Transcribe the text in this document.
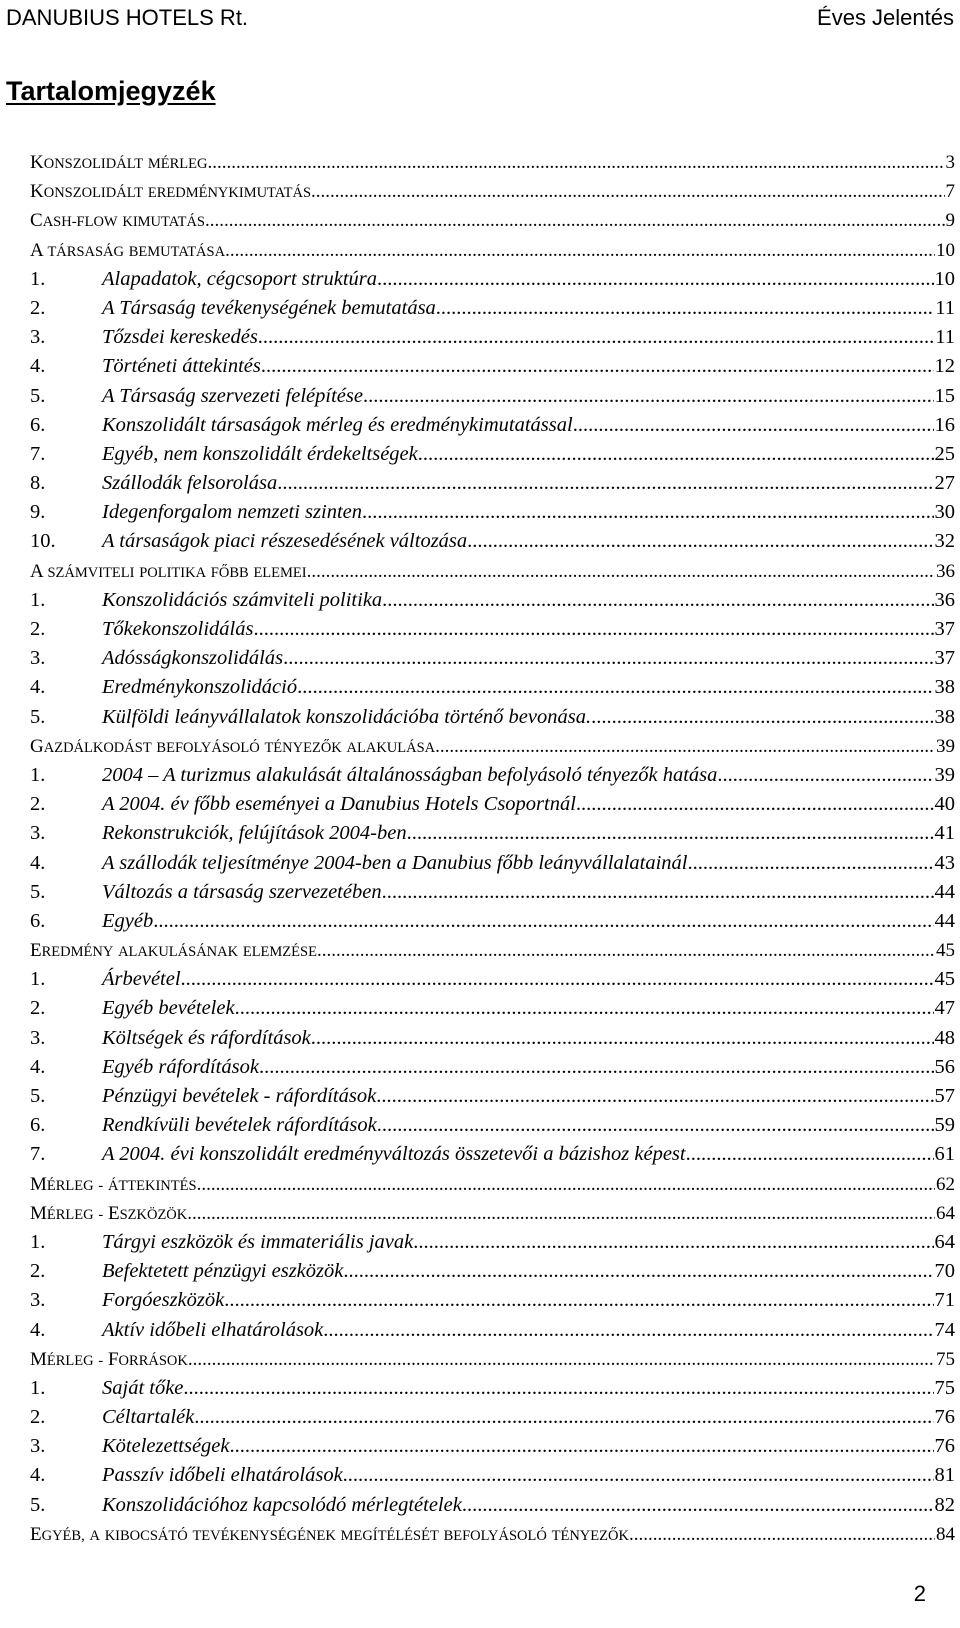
DANUBIUS HOTELS Rt.	Éves Jelentés
Tartalomjegyzék
KONSZOLIDÁLT MÉRLEG .....	3
KONSZOLIDÁLT EREDMÉNYKIMUTATÁS .....	7
CASH-FLOW KIMUTATÁS .....	9
A TÁRSASÁG BEMUTATÁSA .....	10
1.	Alapadatok, cégcsoport struktúra .....	10
2.	A Társaság tevékenységének bemutatása .....	11
3.	Tőzsdei kereskedés .....	11
4.	Történeti áttekintés .....	12
5.	A Társaság szervezeti felépítése .....	15
6.	Konszolidált társaságok mérleg és eredménykimutatással .....	16
7.	Egyéb, nem konszolidált érdekeltségek .....	25
8.	Szállodák felsorolása .....	27
9.	Idegenforgalom nemzeti szinten .....	30
10.	A társaságok piaci részesedésének változása .....	32
A SZÁMVITELI POLITIKA FŐBB ELEMEI .....	36
1.	Konszolidációs számviteli politika .....	36
2.	Tőkekonszolidálás .....	37
3.	Adósságkonszolidálás .....	37
4.	Eredménykonszolidáció .....	38
5.	Külföldi leányvállalatok konszolidációba történő bevonása. .....	38
GAZDÁLKODÁST BEFOLYÁSOLÓ TÉNYEZŐK ALAKULÁSA .....	39
1.	2004 – A turizmus alakulását általánosságban befolyásoló tényezők hatása .....	39
2.	A 2004. év főbb eseményei a Danubius Hotels Csoportnál .....	40
3.	Rekonstrukciók, felújítások 2004-ben .....	41
4.	A szállodák teljesítménye 2004-ben a Danubius főbb leányvállalatainál .....	43
5.	Változás a társaság szervezetében .....	44
6.	Egyéb .....	44
EREDMÉNY ALAKULÁSÁNAK ELEMZÉSE .....	45
1.	Árbevétel .....	45
2.	Egyéb bevételek .....	47
3.	Költségek és ráfordítások .....	48
4.	Egyéb ráfordítások .....	56
5.	Pénzügyi bevételek - ráfordítások .....	57
6.	Rendkívüli bevételek ráfordítások .....	59
7.	A 2004. évi konszolidált eredményváltozás összetevői a bázishoz képest .....	61
MÉRLEG - ÁTTEKINTÉS .....	62
MÉRLEG - ESZKÖZÖK .....	64
1.	Tárgyi eszközök és immateriális javak .....	64
2.	Befektetett pénzügyi eszközök .....	70
3.	Forgóeszközök .....	71
4.	Aktív időbeli elhatárolások .....	74
MÉRLEG - FORRÁSOK .....	75
1.	Saját tőke .....	75
2.	Céltartalék .....	76
3.	Kötelezettségek .....	76
4.	Passzív időbeli elhatárolások .....	81
5.	Konszolidációhoz kapcsolódó mérlegtételek .....	82
EGYÉB, A KIBOCSÁTÓ TEVÉKENYSÉGÉNEK MEGÍTÉLÉSÉT BEFOLYÁSOLÓ TÉNYEZŐK .....	84
2
